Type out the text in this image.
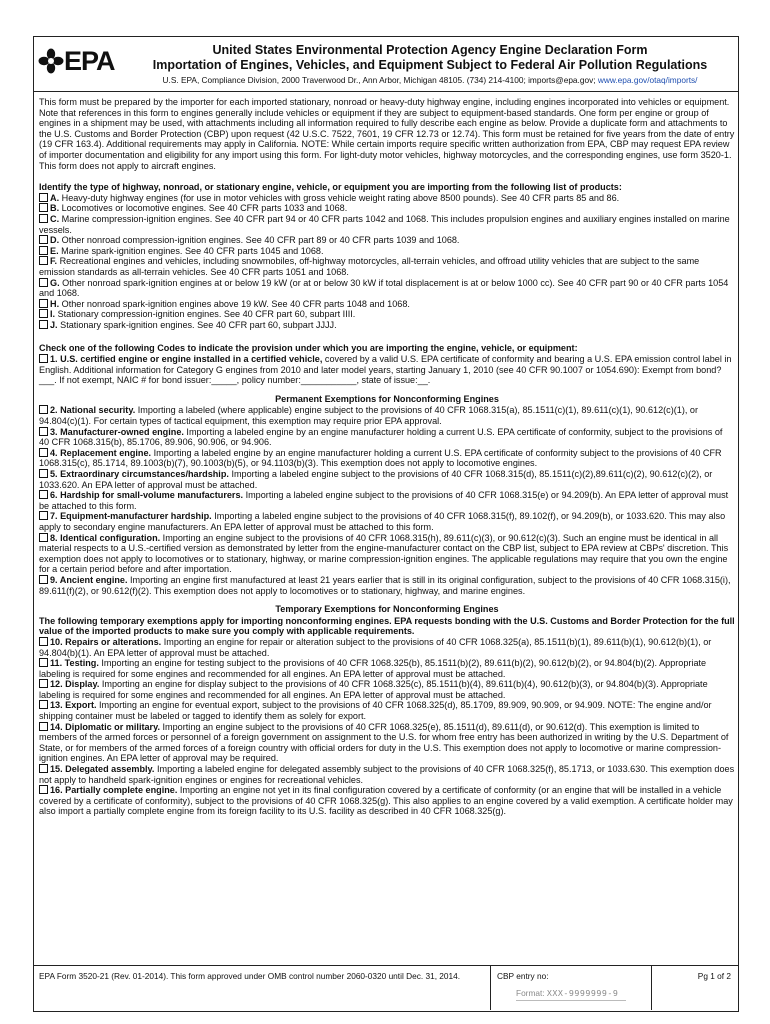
EPA	United States Environmental Protection Agency Engine Declaration Form
Importation of Engines, Vehicles, and Equipment Subject to Federal Air Pollution Regulations
U.S. EPA, Compliance Division, 2000 Traverwood Dr., Ann Arbor, Michigan 48105. (734) 214-4100; imports@epa.gov; www.epa.gov/otaq/imports/

This form must be prepared by the importer for each imported stationary, nonroad or heavy-duty highway engine, including engines incorporated into vehicles or equipment. Note that references in this form to engines generally include vehicles or equipment if they are subject to equipment-based standards. One form per engine or group of engines in a shipment may be used, with attachments including all information required to fully describe each engine as below. Provide a duplicate form and attachments to the U.S. Customs and Border Protection (CBP) upon request (42 U.S.C. 7522, 7601, 19 CFR 12.73 or 12.74). This form must be retained for five years from the date of entry (19 CFR 163.4). Additional requirements may apply in California. NOTE: While certain imports require specific written authorization from EPA, CBP may request EPA review of importer documentation and eligibility for any import using this form. For light-duty motor vehicles, highway motorcycles, and the corresponding engines, use form 3520-1. This form does not apply to aircraft engines.

Identify the type of highway, nonroad, or stationary engine, vehicle, or equipment you are importing from the following list of products:

A. Heavy-duty highway engines (for use in motor vehicles with gross vehicle weight rating above 8500 pounds). See 40 CFR parts 85 and 86.

B. Locomotives or locomotive engines. See 40 CFR parts 1033 and 1068.

C. Marine compression-ignition engines. See 40 CFR part 94 or 40 CFR parts 1042 and 1068. This includes propulsion engines and auxiliary engines installed on marine vessels.

D. Other nonroad compression-ignition engines. See 40 CFR part 89 or 40 CFR parts 1039 and 1068.

E. Marine spark-ignition engines. See 40 CFR parts 1045 and 1068.

F. Recreational engines and vehicles, including snowmobiles, off-highway motorcycles, all-terrain vehicles, and offroad utility vehicles that are subject to the same emission standards as all-terrain vehicles. See 40 CFR parts 1051 and 1068.

G. Other nonroad spark-ignition engines at or below 19 kW (or at or below 30 kW if total displacement is at or below 1000 cc). See 40 CFR part 90 or 40 CFR parts 1054 and 1068.

H. Other nonroad spark-ignition engines above 19 kW. See 40 CFR parts 1048 and 1068.

I. Stationary compression-ignition engines. See 40 CFR part 60, subpart IIII.

J. Stationary spark-ignition engines. See 40 CFR part 60, subpart JJJJ.

Check one of the following Codes to indicate the provision under which you are importing the engine, vehicle, or equipment:

1. U.S. certified engine or engine installed in a certified vehicle, covered by a valid U.S. EPA certificate of conformity and bearing a U.S. EPA emission control label in English. Additional information for Category G engines from 2010 and later model years, starting January 1, 2010 (see 40 CFR 90.1007 or 1054.690): Exempt from bond?___. If not exempt, NAIC # for bond issuer:_____, policy number:___________, state of issue:__.

Permanent Exemptions for Nonconforming Engines

2. National security. Importing a labeled (where applicable) engine subject to the provisions of 40 CFR 1068.315(a), 85.1511(c)(1), 89.611(c)(1), 90.612(c)(1), or 94.804(c)(1). For certain types of tactical equipment, this exemption may require prior EPA approval.

3. Manufacturer-owned engine. Importing a labeled engine by an engine manufacturer holding a current U.S. EPA certificate of conformity, subject to the provisions of 40 CFR 1068.315(b), 85.1706, 89.906, 90.906, or 94.906.

4. Replacement engine. Importing a labeled engine by an engine manufacturer holding a current U.S. EPA certificate of conformity subject to the provisions of 40 CFR 1068.315(c), 85.1714, 89.1003(b)(7), 90.1003(b)(5), or 94.1103(b)(3). This exemption does not apply to locomotive engines.

5. Extraordinary circumstances/hardship. Importing a labeled engine subject to the provisions of 40 CFR 1068.315(d), 85.1511(c)(2),89.611(c)(2), 90.612(c)(2), or 1033.620. An EPA letter of approval must be attached.

6. Hardship for small-volume manufacturers. Importing a labeled engine subject to the provisions of 40 CFR 1068.315(e) or 94.209(b). An EPA letter of approval must be attached to this form.

7. Equipment-manufacturer hardship. Importing a labeled engine subject to the provisions of 40 CFR 1068.315(f), 89.102(f), or 94.209(b), or 1033.620. This may also apply to secondary engine manufacturers. An EPA letter of approval must be attached to this form.

8. Identical configuration. Importing an engine subject to the provisions of 40 CFR 1068.315(h), 89.611(c)(3), or 90.612(c)(3). Such an engine must be identical in all material respects to a U.S.-certified version as demonstrated by letter from the engine-manufacturer contact on the CBP list, subject to EPA review at CBPs' discretion. This exemption does not apply to locomotives or to stationary, highway, or marine compression-ignition engines. The applicable regulations may require that you own the engine for a certain period before and after importation.

9. Ancient engine. Importing an engine first manufactured at least 21 years earlier that is still in its original configuration, subject to the provisions of 40 CFR 1068.315(i), 89.611(f)(2), or 90.612(f)(2). This exemption does not apply to locomotives or to stationary, highway, and marine engines.

Temporary Exemptions for Nonconforming Engines

The following temporary exemptions apply for importing nonconforming engines. EPA requests bonding with the U.S. Customs and Border Protection for the full value of the imported products to make sure you comply with applicable requirements.

10. Repairs or alterations. Importing an engine for repair or alteration subject to the provisions of 40 CFR 1068.325(a), 85.1511(b)(1), 89.611(b)(1), 90.612(b)(1), or 94.804(b)(1). An EPA letter of approval must be attached.

11. Testing. Importing an engine for testing subject to the provisions of 40 CFR 1068.325(b), 85.1511(b)(2), 89.611(b)(2), 90.612(b)(2), or 94.804(b)(2). Appropriate labeling is required for some engines and recommended for all engines. An EPA letter of approval must be attached.

12. Display. Importing an engine for display subject to the provisions of 40 CFR 1068.325(c), 85.1511(b)(4), 89.611(b)(4), 90.612(b)(3), or 94.804(b)(3). Appropriate labeling is required for some engines and recommended for all engines. An EPA letter of approval must be attached.

13. Export. Importing an engine for eventual export, subject to the provisions of 40 CFR 1068.325(d), 85.1709, 89.909, 90.909, or 94.909. NOTE: The engine and/or shipping container must be labeled or tagged to identify them as solely for export.

14. Diplomatic or military. Importing an engine subject to the provisions of 40 CFR 1068.325(e), 85.1511(d), 89.611(d), or 90.612(d). This exemption is limited to members of the armed forces or personnel of a foreign government on assignment to the U.S. for whom free entry has been authorized in writing by the U.S. Department of State, or for members of the armed forces of a foreign country with official orders for duty in the U.S. This exemption does not apply to locomotive or marine compression-ignition engines. An EPA letter of approval may be required.

15. Delegated assembly. Importing a labeled engine for delegated assembly subject to the provisions of 40 CFR 1068.325(f), 85.1713, or 1033.630. This exemption does not apply to handheld spark-ignition engines or engines for recreational vehicles.

16. Partially complete engine. Importing an engine not yet in its final configuration covered by a certificate of conformity (or an engine that will be installed in a vehicle covered by a certificate of conformity), subject to the provisions of 40 CFR 1068.325(g). This also applies to an engine covered by a valid exemption. A certificate holder may also import a partially complete engine from its foreign facility to its U.S. facility as described in 40 CFR 1068.325(g).

EPA Form 3520-21 (Rev. 01-2014). This form approved under OMB control number 2060-0320 until Dec. 31, 2014.	CBP entry no:
Format: XXX-9999999-9
Pg 1 of 2
